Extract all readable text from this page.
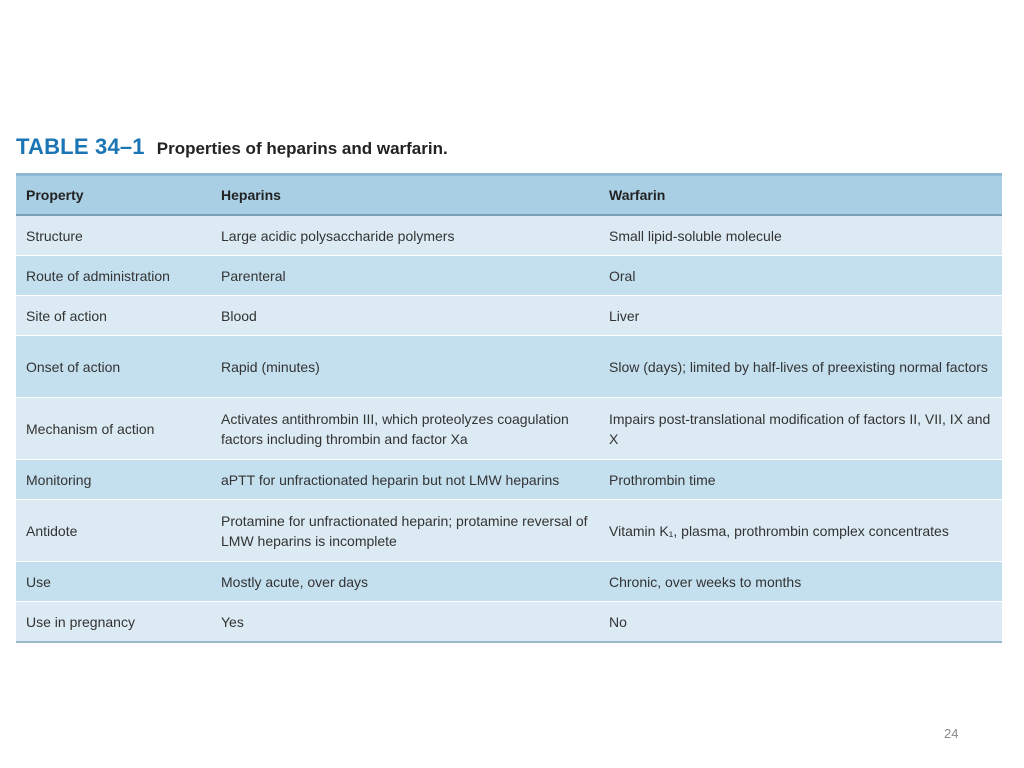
TABLE 34–1 Properties of heparins and warfarin.
Property	Heparins	Warfarin
Structure	Large acidic polysaccharide polymers	Small lipid-soluble molecule
Route of administration	Parenteral	Oral
Site of action	Blood	Liver
Onset of action	Rapid (minutes)	Slow (days); limited by half-lives of preexisting normal factors
Mechanism of action	Activates antithrombin III, which proteolyzes coagulation factors including thrombin and factor Xa	Impairs post-translational modification of factors II, VII, IX and X
Monitoring	aPTT for unfractionated heparin but not LMW heparins	Prothrombin time
Antidote	Protamine for unfractionated heparin; protamine reversal of LMW heparins is incomplete	Vitamin K₁, plasma, prothrombin complex concentrates
Use	Mostly acute, over days	Chronic, over weeks to months
Use in pregnancy	Yes	No
24
